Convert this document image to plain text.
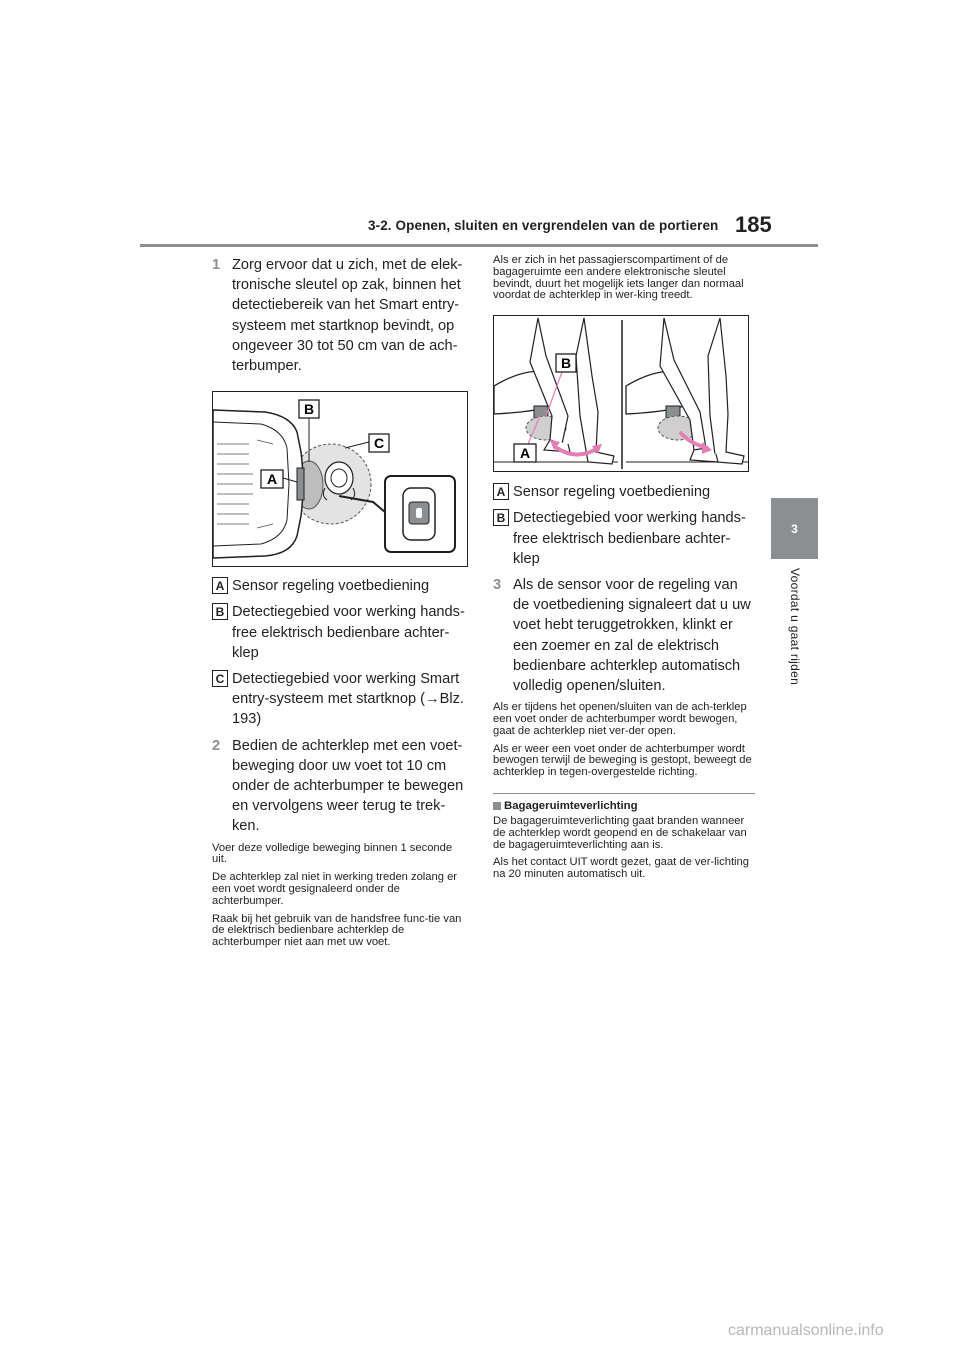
3-2. Openen, sluiten en vergrendelen van de portieren 185
3
Voordat u gaat rijden
1 Zorg ervoor dat u zich, met de elek-tronische sleutel op zak, binnen het detectiebereik van het Smart entry-systeem met startknop bevindt, op ongeveer 30 tot 50 cm van de ach-terbumper.
B
C
A
A Sensor regeling voetbediening
B Detectiegebied voor werking hands-free elektrisch bedienbare achter-klep
C Detectiegebied voor werking Smart entry-systeem met startknop (→Blz. 193)
2 Bedien de achterklep met een voet-beweging door uw voet tot 10 cm onder de achterbumper te bewegen en vervolgens weer terug te trek-ken.
Voer deze volledige beweging binnen 1 seconde uit.
De achterklep zal niet in werking treden zolang er een voet wordt gesignaleerd onder de achterbumper.
Raak bij het gebruik van de handsfree func-tie van de elektrisch bedienbare achterklep de achterbumper niet aan met uw voet.
Als er zich in het passagierscompartiment of de bagageruimte een andere elektronische sleutel bevindt, duurt het mogelijk iets langer dan normaal voordat de achterklep in wer-king treedt.
B
A
A Sensor regeling voetbediening
B Detectiegebied voor werking hands-free elektrisch bedienbare achter-klep
3 Als de sensor voor de regeling van de voetbediening signaleert dat u uw voet hebt teruggetrokken, klinkt er een zoemer en zal de elektrisch bedienbare achterklep automatisch volledig openen/sluiten.
Als er tijdens het openen/sluiten van de ach-terklep een voet onder de achterbumper wordt bewogen, gaat de achterklep niet ver-der open.
Als er weer een voet onder de achterbumper wordt bewogen terwijl de beweging is gestopt, beweegt de achterklep in tegen-overgestelde richting.
Bagageruimteverlichting
De bagageruimteverlichting gaat branden wanneer de achterklep wordt geopend en de schakelaar van de bagageruimteverlichting aan is.
Als het contact UIT wordt gezet, gaat de ver-lichting na 20 minuten automatisch uit.
carmanualsonline.info
